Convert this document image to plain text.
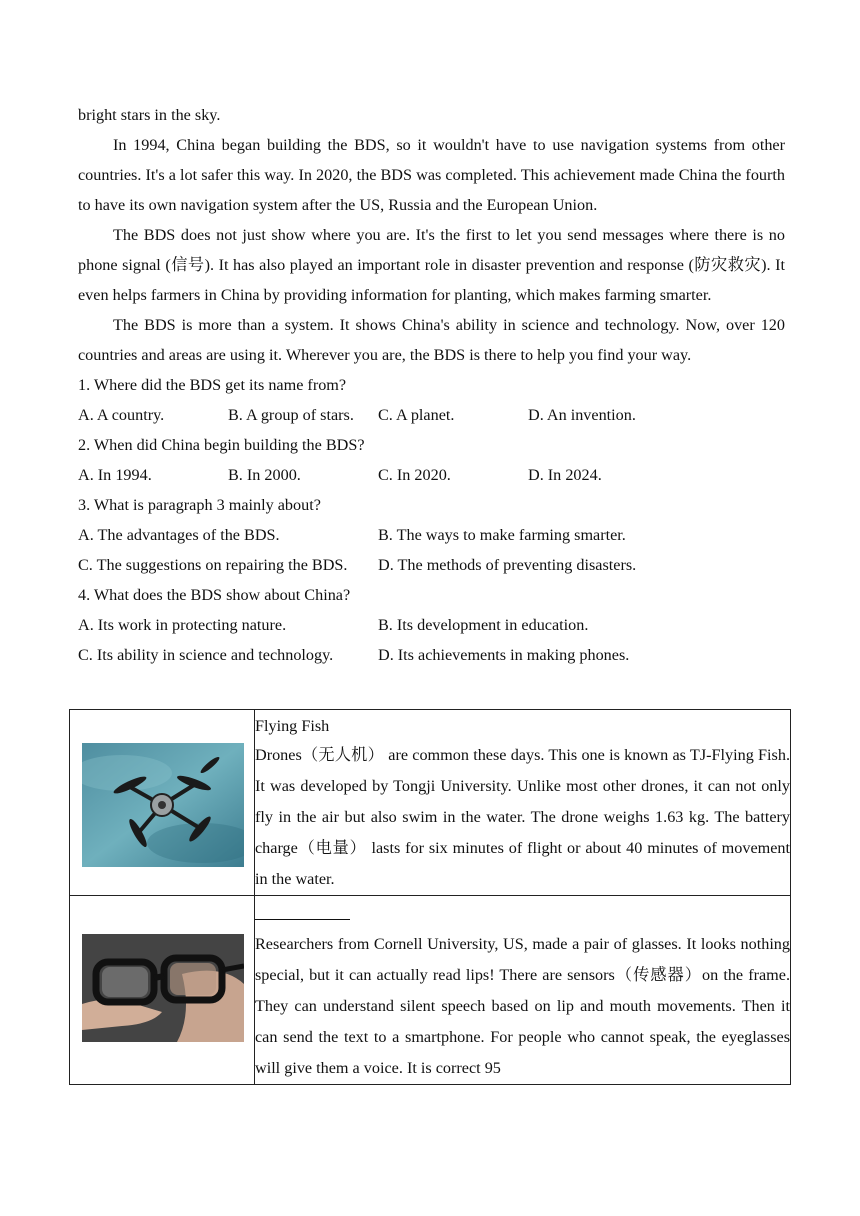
bright stars in the sky.

In 1994, China began building the BDS, so it wouldn't have to use navigation systems from other countries. It's a lot safer this way. In 2020, the BDS was completed. This achievement made China the fourth to have its own navigation system after the US, Russia and the European Union.

The BDS does not just show where you are. It's the first to let you send messages where there is no phone signal (信号). It has also played an important role in disaster prevention and response (防灾救灾). It even helps farmers in China by providing information for planting, which makes farming smarter.

The BDS is more than a system. It shows China's ability in science and technology. Now, over 120 countries and areas are using it. Wherever you are, the BDS is there to help you find your way.

1. Where did the BDS get its name from?
A. A country.	B. A group of stars.	C. A planet.	D. An invention.
2. When did China begin building the BDS?
A. In 1994.	B. In 2000.	C. In 2020.	D. In 2024.
3. What is paragraph 3 mainly about?
A. The advantages of the BDS.	B. The ways to make farming smarter.
C. The suggestions on repairing the BDS.	D. The methods of preventing disasters.
4. What does the BDS show about China?
A. Its work in protecting nature.	B. Its development in education.
C. Its ability in science and technology.	D. Its achievements in making phones.

Flying Fish
Drones（无人机） are common these days. This one is known as TJ-Flying Fish. It was developed by Tongji University. Unlike most other drones, it can not only fly in the air but also swim in the water. The drone weighs 1.63 kg. The battery charge（电量） lasts for six minutes of flight or about 40 minutes of movement in the water.

Researchers from Cornell University, US, made a pair of glasses. It looks nothing special, but it can actually read lips! There are sensors（传感器）on the frame. They can understand silent speech based on lip and mouth movements. Then it can send the text to a smartphone. For people who cannot speak, the eyeglasses will give them a voice. It is correct 95
